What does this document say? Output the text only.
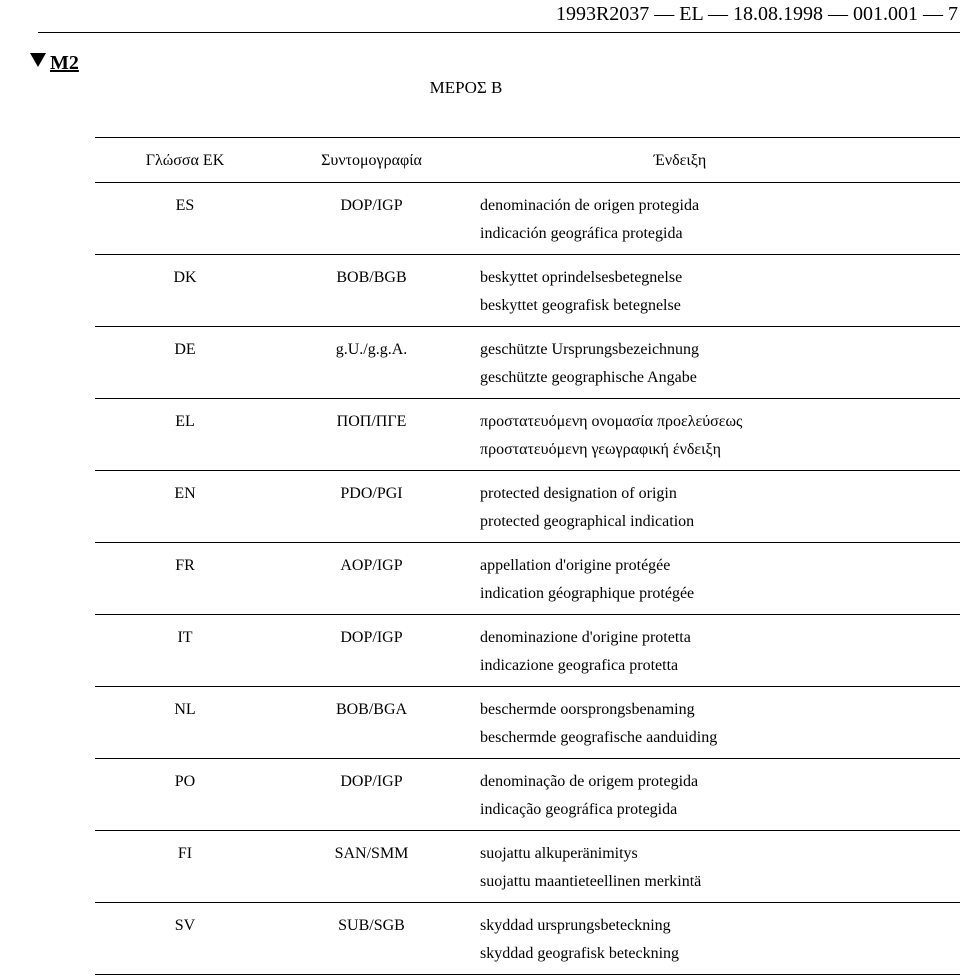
1993R2037 — EL — 18.08.1998 — 001.001 — 7
M2
ΜΕΡΟΣ Β
Γλώσσα ΕΚ	Συντομογραφία	Ένδειξη
ES	DOP/IGP	denominación de origen protegida
indicación geográfica protegida
DK	BOB/BGB	beskyttet oprindelsesbetegnelse
beskyttet geografisk betegnelse
DE	g.U./g.g.A.	geschützte Ursprungsbezeichnung
geschützte geographische Angabe
EL	ΠΟΠ/ΠΓΕ	προστατευόμενη ονομασία προελεύσεως
προστατευόμενη γεωγραφική ένδειξη
EN	PDO/PGI	protected designation of origin
protected geographical indication
FR	AOP/IGP	appellation d'origine protégée
indication géographique protégée
IT	DOP/IGP	denominazione d'origine protetta
indicazione geografica protetta
NL	BOB/BGA	beschermde oorsprongsbenaming
beschermde geografische aanduiding
PO	DOP/IGP	denominação de origem protegida
indicação geográfica protegida
FI	SAN/SMM	suojattu alkuperänimitys
suojattu maantieteellinen merkintä
SV	SUB/SGB	skyddad ursprungsbeteckning
skyddad geografisk beteckning
